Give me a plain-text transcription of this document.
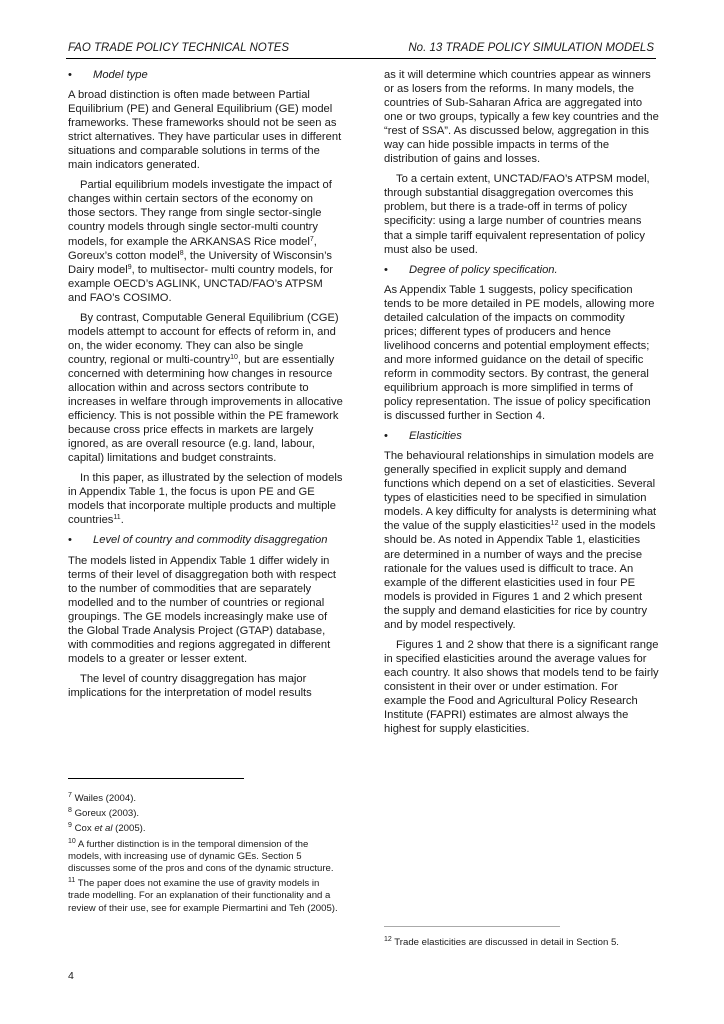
FAO TRADE POLICY TECHNICAL NOTES	No. 13 TRADE POLICY SIMULATION MODELS
• Model type

A broad distinction is often made between Partial Equilibrium (PE) and General Equilibrium (GE) model frameworks. These frameworks should not be seen as strict alternatives. They have particular uses in different situations and comparable solutions in terms of the main indicators generated.

Partial equilibrium models investigate the impact of changes within certain sectors of the economy on those sectors. They range from single sector-single country models through single sector-multi country models, for example the ARKANSAS Rice model$^7$, Goreux’s cotton model$^8$, the University of Wisconsin’s Dairy model$^9$, to multisector- multi country models, for example OECD’s AGLINK, UNCTAD/FAO’s ATPSM and FAO’s COSIMO.

By contrast, Computable General Equilibrium (CGE) models attempt to account for effects of reform in, and on, the wider economy. They can also be single country, regional or multi-country$^{10}$, but are essentially concerned with determining how changes in resource allocation within and across sectors contribute to increases in welfare through improvements in allocative efficiency. This is not possible within the PE framework because cross price effects in markets are largely ignored, as are overall resource (e.g. land, labour, capital) limitations and budget constraints.

In this paper, as illustrated by the selection of models in Appendix Table 1, the focus is upon PE and GE models that incorporate multiple products and multiple countries$^{11}$.

• Level of country and commodity disaggregation

The models listed in Appendix Table 1 differ widely in terms of their level of disaggregation both with respect to the number of commodities that are separately modelled and to the number of countries or regional groupings. The GE models increasingly make use of the Global Trade Analysis Project (GTAP) database, with commodities and regions aggregated in different models to a greater or lesser extent.

The level of country disaggregation has major implications for the interpretation of model results

as it will determine which countries appear as winners or as losers from the reforms. In many models, the countries of Sub-Saharan Africa are aggregated into one or two groups, typically a few key countries and the “rest of SSA”. As discussed below, aggregation in this way can hide possible impacts in terms of the distribution of gains and losses.

To a certain extent, UNCTAD/FAO’s ATPSM model, through substantial disaggregation overcomes this problem, but there is a trade-off in terms of policy specificity: using a large number of countries means that a simple tariff equivalent representation of policy must also be used.

• Degree of policy specification.

As Appendix Table 1 suggests, policy specification tends to be more detailed in PE models, allowing more detailed calculation of the impacts on commodity prices; different types of producers and hence livelihood concerns and potential employment effects; and more informed guidance on the detail of specific reform in commodity sectors. By contrast, the general equilibrium approach is more simplified in terms of policy representation. The issue of policy specification is discussed further in Section 4.

• Elasticities

The behavioural relationships in simulation models are generally specified in explicit supply and demand functions which depend on a set of elasticities. Several types of elasticities need to be specified in simulation models. A key difficulty for analysts is determining what the value of the supply elasticities$^{12}$ used in the models should be. As noted in Appendix Table 1, elasticities are determined in a number of ways and the precise rationale for the values used is difficult to trace. An example of the different elasticities used in four PE models is provided in Figures 1 and 2 which present the supply and demand elasticities for rice by country and by model respectively.

Figures 1 and 2 show that there is a significant range in specified elasticities around the average values for each country. It also shows that models tend to be fairly consistent in their over or under estimation. For example the Food and Agricultural Policy Research Institute (FAPRI) estimates are almost always the highest for supply elasticities.

$^7$ Wailes (2004).

$^8$ Goreux (2003).

$^9$ Cox et al (2005).

$^{10}$ A further distinction is in the temporal dimension of the models, with increasing use of dynamic GEs. Section 5 discusses some of the pros and cons of the dynamic structure.

$^{11}$ The paper does not examine the use of gravity models in trade modelling. For an explanation of their functionality and a review of their use, see for example Piermartini and Teh (2005).

$^{12}$ Trade elasticities are discussed in detail in Section 5.
4
